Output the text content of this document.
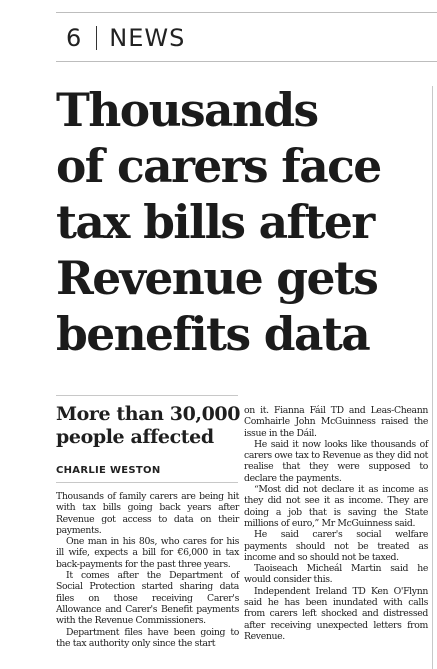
6 NEWS
Thousands
of carers face
tax bills after
Revenue gets
benefits data
More than 30,000 people affected
CHARLIE WESTON

Thousands of family carers are being hit with tax bills going back years after Revenue got access to data on their payments.

One man in his 80s, who cares for his ill wife, expects a bill for €6,000 in tax back-payments for the past three years.

It comes after the Department of Social Protection started sharing data files on those receiving Carer's Allowance and Carer's Benefit payments with the Revenue Commissioners.

Department files have been going to the tax authority only since the start

on it. Fianna Fáil TD and Leas-Cheann Comhairle John McGuinness raised the issue in the Dáil.

He said it now looks like thousands of carers owe tax to Revenue as they did not realise that they were supposed to declare the payments.

“Most did not declare it as income as they did not see it as income. They are doing a job that is saving the State millions of euro,” Mr McGuinness said.

He said carer's social welfare payments should not be treated as income and so should not be taxed.

Taoiseach Micheál Martin said he would consider this.

Independent Ireland TD Ken O'Flynn said he has been inundated with calls from carers left shocked and distressed after receiving unexpected letters from Revenue.
